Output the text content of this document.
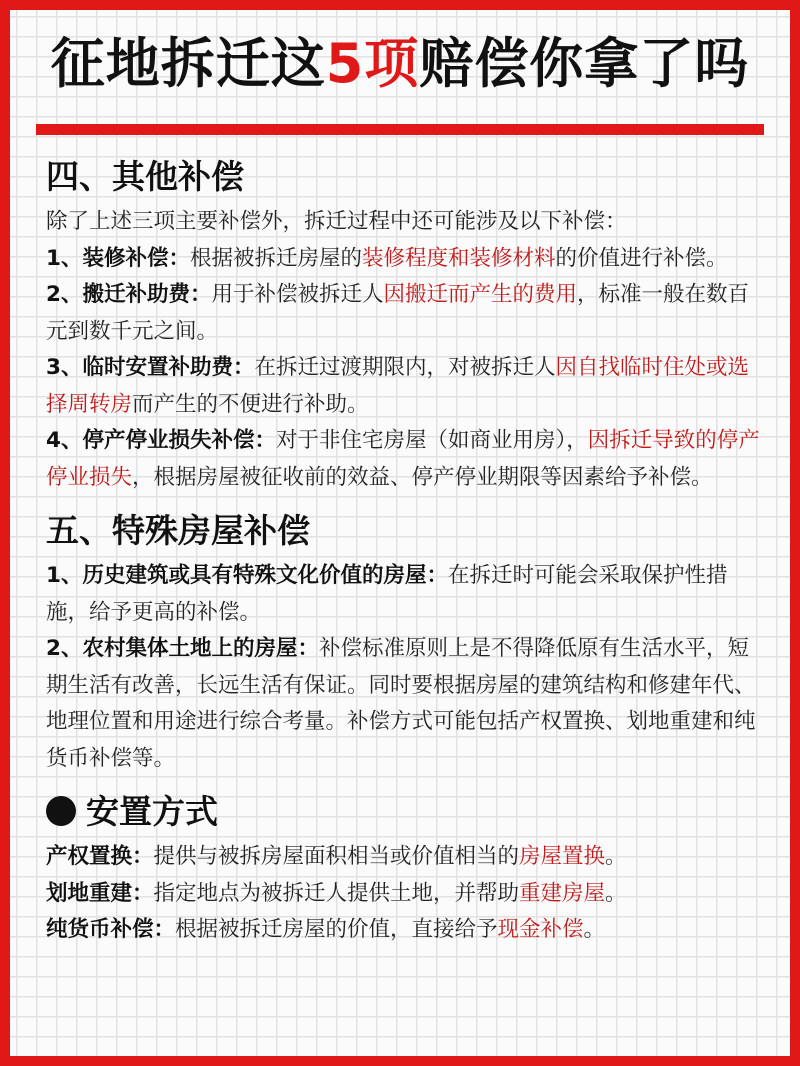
征地拆迁这5项赔偿你拿了吗
四、其他补偿

除了上述三项主要补偿外，拆迁过程中还可能涉及以下补偿：

1、装修补偿：根据被拆迁房屋的装修程度和装修材料的价值进行补偿。

2、搬迁补助费：用于补偿被拆迁人因搬迁而产生的费用，标准一般在数百元到数千元之间。

3、临时安置补助费：在拆迁过渡期限内，对被拆迁人因自找临时住处或选择周转房而产生的不便进行补助。

4、停产停业损失补偿：对于非住宅房屋（如商业用房），因拆迁导致的停产停业损失，根据房屋被征收前的效益、停产停业期限等因素给予补偿。

五、特殊房屋补偿

1、历史建筑或具有特殊文化价值的房屋：在拆迁时可能会采取保护性措施，给予更高的补偿。

2、农村集体土地上的房屋：补偿标准原则上是不得降低原有生活水平，短期生活有改善，长远生活有保证。同时要根据房屋的建筑结构和修建年代、地理位置和用途进行综合考量。补偿方式可能包括产权置换、划地重建和纯货币补偿等。

安置方式

产权置换：提供与被拆房屋面积相当或价值相当的房屋置换。

划地重建：指定地点为被拆迁人提供土地，并帮助重建房屋。

纯货币补偿：根据被拆迁房屋的价值，直接给予现金补偿。
